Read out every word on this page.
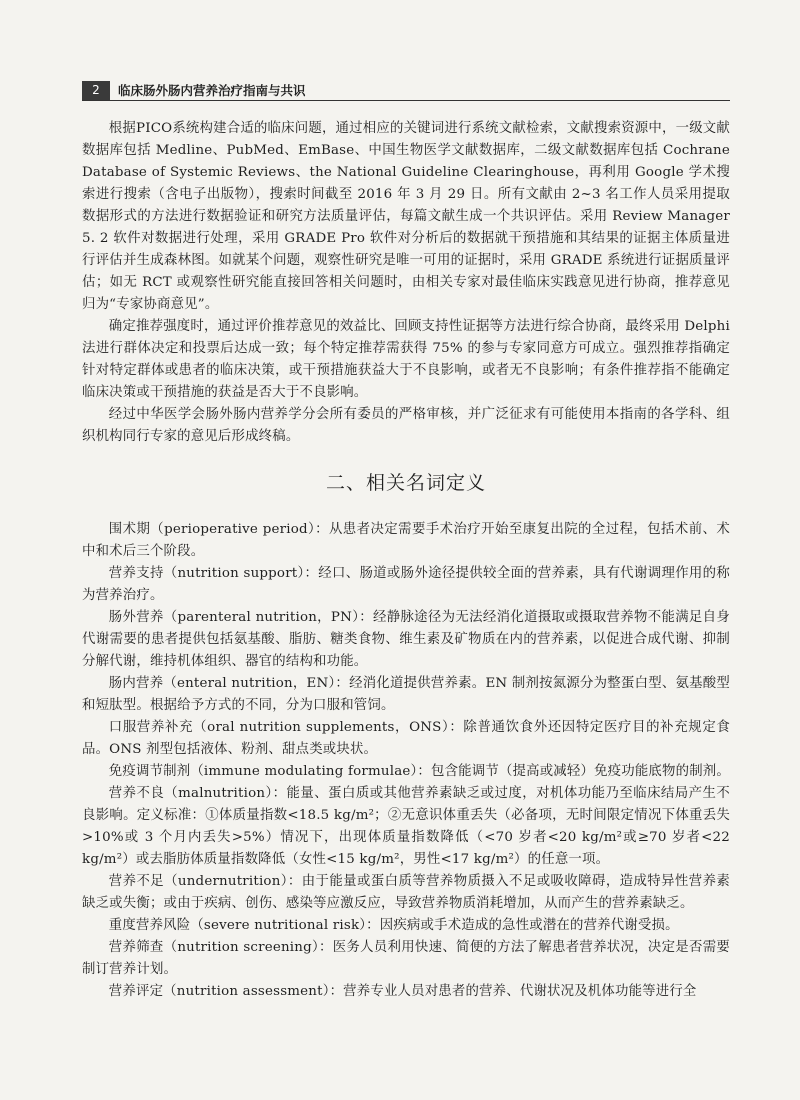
2	临床肠外肠内营养治疗指南与共识

根据PICO系统构建合适的临床问题，通过相应的关键词进行系统文献检索，文献搜索资源中，一级文献数据库包括 Medline、PubMed、EmBase、中国生物医学文献数据库，二级文献数据库包括 Cochrane Database of Systemic Reviews、the National Guideline Clearinghouse，再利用 Google 学术搜索进行搜索（含电子出版物），搜索时间截至 2016 年 3 月 29 日。所有文献由 2~3 名工作人员采用提取数据形式的方法进行数据验证和研究方法质量评估，每篇文献生成一个共识评估。采用 Review Manager 5. 2 软件对数据进行处理，采用 GRADE Pro 软件对分析后的数据就干预措施和其结果的证据主体质量进行评估并生成森林图。如就某个问题，观察性研究是唯一可用的证据时，采用 GRADE 系统进行证据质量评估；如无 RCT 或观察性研究能直接回答相关问题时，由相关专家对最佳临床实践意见进行协商，推荐意见归为“专家协商意见”。

确定推荐强度时，通过评价推荐意见的效益比、回顾支持性证据等方法进行综合协商，最终采用 Delphi 法进行群体决定和投票后达成一致；每个特定推荐需获得 75% 的参与专家同意方可成立。强烈推荐指确定针对特定群体或患者的临床决策，或干预措施获益大于不良影响，或者无不良影响；有条件推荐指不能确定临床决策或干预措施的获益是否大于不良影响。

经过中华医学会肠外肠内营养学分会所有委员的严格审核，并广泛征求有可能使用本指南的各学科、组织机构同行专家的意见后形成终稿。

二、相关名词定义

围术期（perioperative period）：从患者决定需要手术治疗开始至康复出院的全过程，包括术前、术中和术后三个阶段。

营养支持（nutrition support）：经口、肠道或肠外途径提供较全面的营养素，具有代谢调理作用的称为营养治疗。

肠外营养（parenteral nutrition，PN）：经静脉途径为无法经消化道摄取或摄取营养物不能满足自身代谢需要的患者提供包括氨基酸、脂肪、糖类食物、维生素及矿物质在内的营养素，以促进合成代谢、抑制分解代谢，维持机体组织、器官的结构和功能。

肠内营养（enteral nutrition，EN）：经消化道提供营养素。EN 制剂按氮源分为整蛋白型、氨基酸型和短肽型。根据给予方式的不同，分为口服和管饲。

口服营养补充（oral nutrition supplements，ONS）：除普通饮食外还因特定医疗目的补充规定食品。ONS 剂型包括液体、粉剂、甜点类或块状。

免疫调节制剂（immune modulating formulae）：包含能调节（提高或减轻）免疫功能底物的制剂。

营养不良（malnutrition）：能量、蛋白质或其他营养素缺乏或过度，对机体功能乃至临床结局产生不良影响。定义标准：①体质量指数<18.5 kg/m²；②无意识体重丢失（必备项，无时间限定情况下体重丢失>10%或 3 个月内丢失>5%）情况下，出现体质量指数降低（<70 岁者<20 kg/m²或≥70 岁者<22 kg/m²）或去脂肪体质量指数降低（女性<15 kg/m²，男性<17 kg/m²）的任意一项。

营养不足（undernutrition）：由于能量或蛋白质等营养物质摄入不足或吸收障碍，造成特异性营养素缺乏或失衡；或由于疾病、创伤、感染等应激反应，导致营养物质消耗增加，从而产生的营养素缺乏。

重度营养风险（severe nutritional risk）：因疾病或手术造成的急性或潜在的营养代谢受损。

营养筛查（nutrition screening）：医务人员利用快速、简便的方法了解患者营养状况，决定是否需要制订营养计划。

营养评定（nutrition assessment）：营养专业人员对患者的营养、代谢状况及机体功能等进行全
